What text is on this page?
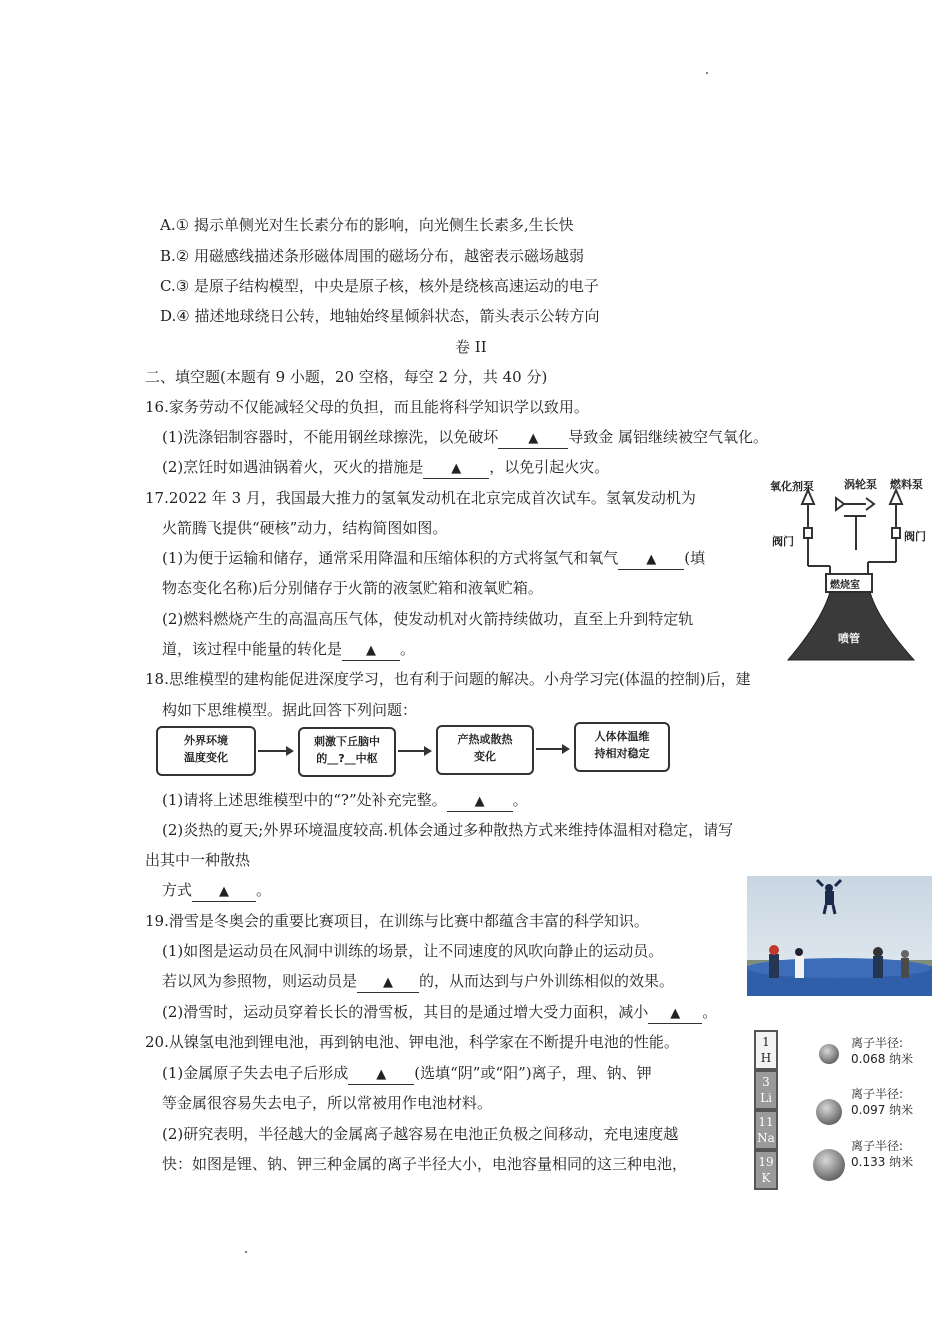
A.① 揭示单侧光对生长素分布的影响，向光侧生长素多,生长快
B.② 用磁感线描述条形磁体周围的磁场分布，越密表示磁场越弱
C.③ 是原子结构模型，中央是原子核，核外是绕核高速运动的电子
D.④ 描述地球绕日公转，地轴始终星倾斜状态，箭头表示公转方向
卷 II
二、填空题(本题有 9 小题，20 空格，每空 2 分，共 40 分)
16.家务劳动不仅能减轻父母的负担，而且能将科学知识学以致用。
(1)洗涤铝制容器时，不能用钢丝球擦洗，以免破坏 ▲ 导致金 属铝继续被空气氧化。
(2)烹饪时如遇油锅着火，灭火的措施是 ▲ ，以免引起火灾。
17.2022 年 3 月，我国最大推力的氢氧发动机在北京完成首次试车。氢氧发动机为
火箭腾飞提供“硬核”动力，结构简图如图。
(1)为便于运输和储存，通常采用降温和压缩体积的方式将氢气和氧气 ▲ (填
物态变化名称)后分别储存于火箭的液氢贮箱和液氧贮箱。
(2)燃料燃烧产生的高温高压气体，使发动机对火箭持续做功，直至上升到特定轨
道，该过程中能量的转化是 ▲ 。
氧化剂泵	涡轮泵 燃料泵
阀门	阀门
燃烧室
喷管
18.思维模型的建构能促进深度学习，也有利于问题的解决。小舟学习完(体温的控制)后，建
构如下思维模型。据此回答下列问题：
外界环境
温度变化
刺激下丘脑中
的__?__中枢
产热或散热
变化
人体体温维
持相对稳定
(1)请将上述思维模型中的“?”处补充完整。 ▲ 。
(2)炎热的夏天;外界环境温度较高.机体会通过多种散热方式来维持体温相对稳定，请写
出其中一种散热
方式 ▲ 。
19.滑雪是冬奥会的重要比赛项目，在训练与比赛中都蕴含丰富的科学知识。
(1)如图是运动员在风洞中训练的场景，让不同速度的风吹向静止的运动员。
若以风为参照物，则运动员是 ▲ 的，从而达到与户外训练相似的效果。
(2)滑雪时，运动员穿着长长的滑雪板，其目的是通过增大受力面积，减小 ▲ 。
20.从镍氢电池到锂电池，再到钠电池、钾电池，科学家在不断提升电池的性能。
(1)金属原子失去电子后形成 ▲ (选填“阴”或“阳”)离子，理、钠、钾
等金属很容易失去电子，所以常被用作电池材料。
(2)研究表明，半径越大的金属离子越容易在电池正负极之间移动，充电速度越
快：如图是锂、钠、钾三种金属的离子半径大小，电池容量相同的这三种电池，
1
H
3
Li
11
Na
19
K
离子半径:
0.068 纳米
离子半径:
0.097 纳米
离子半径:
0.133 纳米
